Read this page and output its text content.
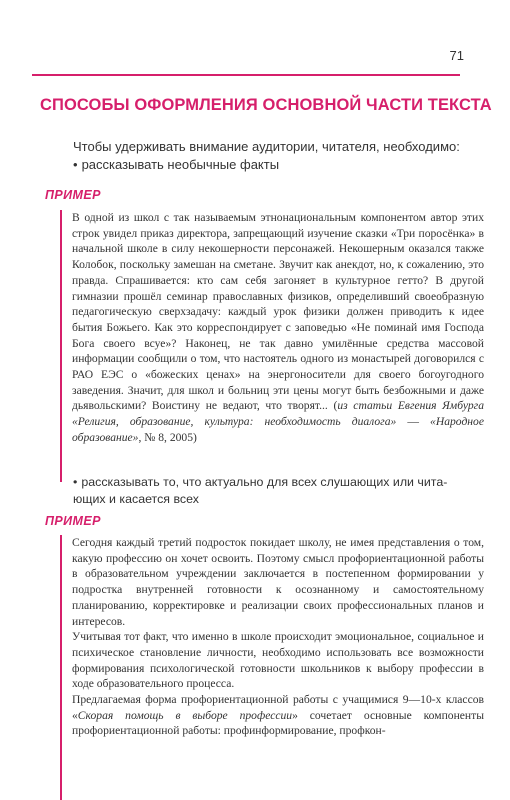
71
СПОСОБЫ ОФОРМЛЕНИЯ ОСНОВНОЙ ЧАСТИ ТЕКСТА
Чтобы удерживать внимание аудитории, читателя, необходимо:
• рассказывать необычные факты
ПРИМЕР

В одной из школ с так называемым этнонациональным компонентом автор этих строк увидел приказ директора, запрещающий изучение сказки «Три поросёнка» в начальной школе в силу некошерности персонажей. Некошерным оказался также Колобок, поскольку замешан на сметане. Звучит как анекдот, но, к сожалению, это правда. Спрашивается: кто сам себя загоняет в культурное гетто? В другой гимназии прошёл семинар православных физиков, определивший своеобразную педагогическую сверхзадачу: каждый урок физики должен приводить к идее бытия Божьего. Как это корреспондирует с заповедью «Не поминай имя Господа Бога своего всуе»? Наконец, не так давно умилённые средства массовой информации сообщили о том, что настоятель одного из монастырей договорился с РАО ЕЭС о «божеских ценах» на энергоносители для своего богоугодного заведения. Значит, для школ и больниц эти цены могут быть безбожными и даже дьявольскими? Воистину не ведают, что творят... (из статьи Евгения Ямбурга «Религия, образование, культура: необходимость диалога» — «Народное образование», № 8, 2005)

• рассказывать то, что актуально для всех слушающих или чита-
ющих и касается всех
ПРИМЕР

Сегодня каждый третий подросток покидает школу, не имея представления о том, какую профессию он хочет освоить. Поэтому смысл профориентационной работы в образовательном учреждении заключается в постепенном формировании у подростка внутренней готовности к осознанному и самостоятельному планированию, корректировке и реализации своих профессиональных планов и интересов.

Учитывая тот факт, что именно в школе происходит эмоциональное, социальное и психическое становление личности, необходимо использовать все возможности формирования психологической готовности школьников к выбору профессии в ходе образовательного процесса.

Предлагаемая форма профориентационной работы с учащимися 9—10-х классов «Скорая помощь в выборе профессии» сочетает основные компоненты профориентационной работы: профинформирование, профкон-
